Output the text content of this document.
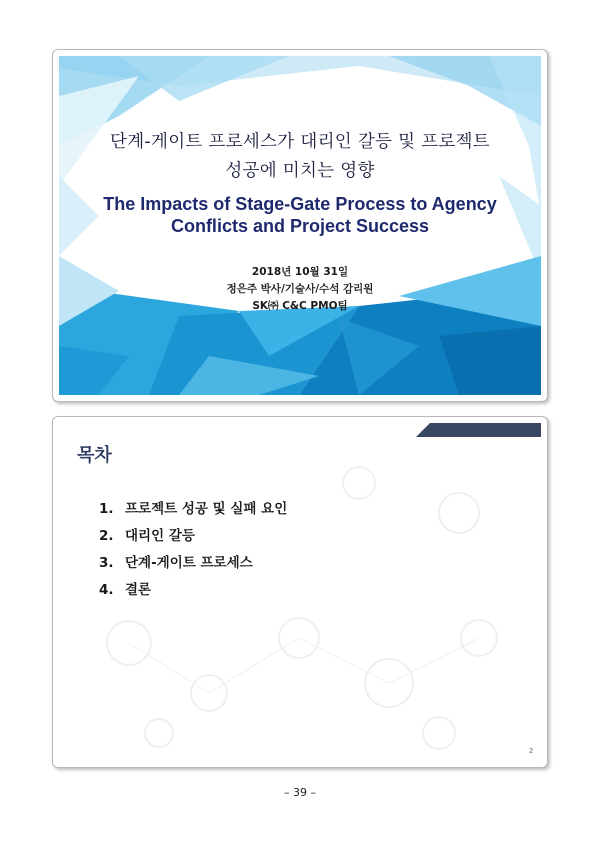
단계-게이트 프로세스가 대리인 갈등 및 프로젝트
성공에 미치는 영향
The Impacts of Stage-Gate Process to Agency
Conflicts and Project Success
2018년 10월 31일
정은주 박사/기술사/수석 감리원
SK㈜ C&C PMO팀
목차
1. 프로젝트 성공 및 실패 요인
2. 대리인 갈등
3. 단계-게이트 프로세스
4. 결론
2
– 39 –
